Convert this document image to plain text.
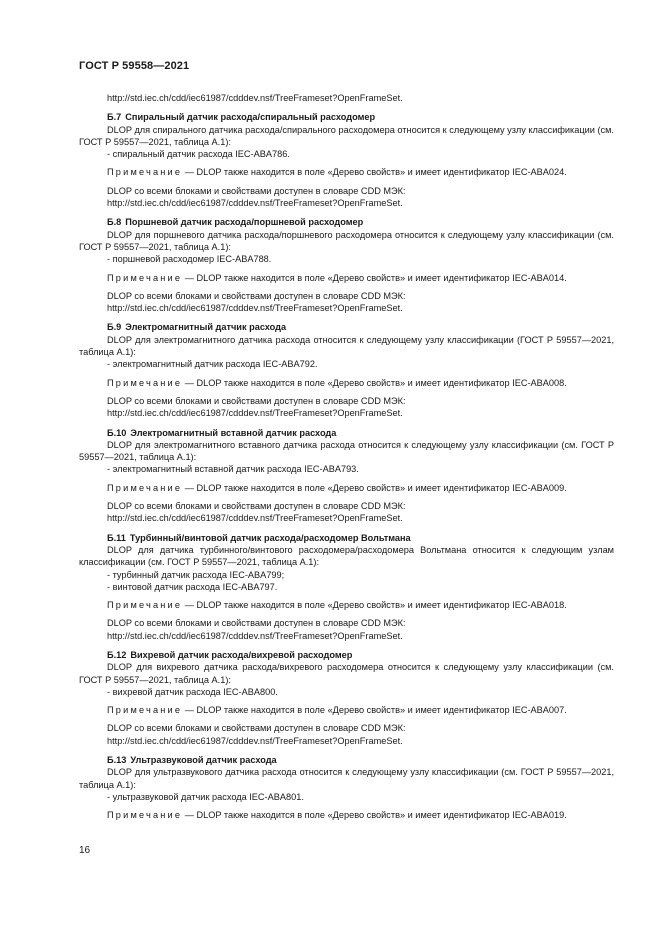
ГОСТ Р 59558—2021

http://std.iec.ch/cdd/iec61987/cdddev.nsf/TreeFrameset?OpenFrameSet.

Б.7 Спиральный датчик расхода/спиральный расходомер

DLOP для спирального датчика расхода/спирального расходомера относится к следующему узлу классификации (см. ГОСТ Р 59557—2021, таблица А.1):

- спиральный датчик расхода IEC-ABA786.

Примечание — DLOP также находится в поле «Дерево свойств» и имеет идентификатор IEC-ABA024.

DLOP со всеми блоками и свойствами доступен в словаре CDD МЭК:

http://std.iec.ch/cdd/iec61987/cdddev.nsf/TreeFrameset?OpenFrameSet.

Б.8 Поршневой датчик расхода/поршневой расходомер

DLOP для поршневого датчика расхода/поршневого расходомера относится к следующему узлу классификации (см. ГОСТ Р 59557—2021, таблица А.1):

- поршневой расходомер IEC-ABA788.

Примечание — DLOP также находится в поле «Дерево свойств» и имеет идентификатор IEC-ABA014.

DLOP со всеми блоками и свойствами доступен в словаре CDD МЭК:

http://std.iec.ch/cdd/iec61987/cdddev.nsf/TreeFrameset?OpenFrameSet.

Б.9 Электромагнитный датчик расхода

DLOP для электромагнитного датчика расхода относится к следующему узлу классификации (ГОСТ Р 59557—2021, таблица А.1):

- электромагнитный датчик расхода IEC-ABA792.

Примечание — DLOP также находится в поле «Дерево свойств» и имеет идентификатор IEC-ABA008.

DLOP со всеми блоками и свойствами доступен в словаре CDD МЭК:

http://std.iec.ch/cdd/iec61987/cdddev.nsf/TreeFrameset?OpenFrameSet.

Б.10 Электромагнитный вставной датчик расхода

DLOP для электромагнитного вставного датчика расхода относится к следующему узлу классификации (см. ГОСТ Р 59557—2021, таблица А.1):

- электромагнитный вставной датчик расхода IEC-ABA793.

Примечание — DLOP также находится в поле «Дерево свойств» и имеет идентификатор IEC-ABA009.

DLOP со всеми блоками и свойствами доступен в словаре CDD МЭК:

http://std.iec.ch/cdd/iec61987/cdddev.nsf/TreeFrameset?OpenFrameSet.

Б.11 Турбинный/винтовой датчик расхода/расходомер Вольтмана

DLOP для датчика турбинного/винтового расходомера/расходомера Вольтмана относится к следующим узлам классификации (см. ГОСТ Р 59557—2021, таблица А.1):

- турбинный датчик расхода IEC-ABA799;

- винтовой датчик расхода IEC-ABA797.

Примечание — DLOP также находится в поле «Дерево свойств» и имеет идентификатор IEC-ABA018.

DLOP со всеми блоками и свойствами доступен в словаре CDD МЭК:

http://std.iec.ch/cdd/iec61987/cdddev.nsf/TreeFrameset?OpenFrameSet.

Б.12 Вихревой датчик расхода/вихревой расходомер

DLOP для вихревого датчика расхода/вихревого расходомера относится к следующему узлу классификации (см. ГОСТ Р 59557—2021, таблица А.1):

- вихревой датчик расхода IEC-ABA800.

Примечание — DLOP также находится в поле «Дерево свойств» и имеет идентификатор IEC-ABA007.

DLOP со всеми блоками и свойствами доступен в словаре CDD МЭК:

http://std.iec.ch/cdd/iec61987/cdddev.nsf/TreeFrameset?OpenFrameSet.

Б.13 Ультразвуковой датчик расхода

DLOP для ультразвукового датчика расхода относится к следующему узлу классификации (см. ГОСТ Р 59557—2021, таблица А.1):

- ультразвуковой датчик расхода IEC-ABA801.

Примечание — DLOP также находится в поле «Дерево свойств» и имеет идентификатор IEC-ABA019.

16
